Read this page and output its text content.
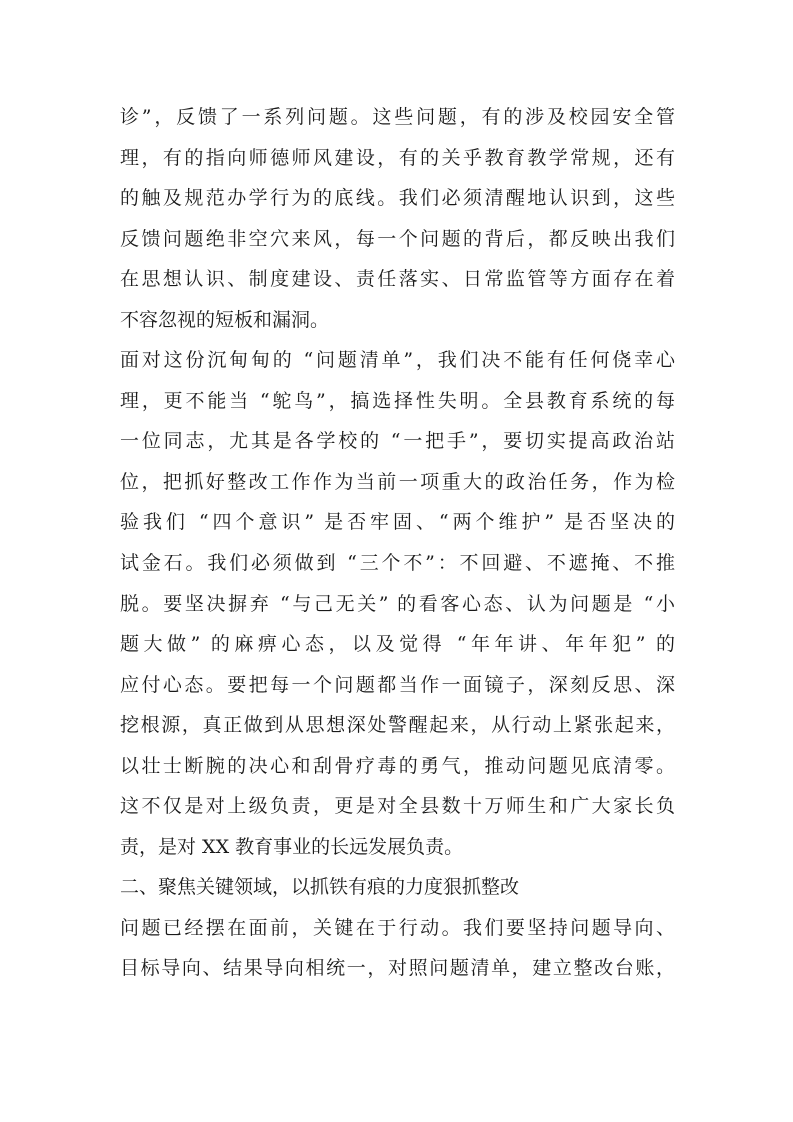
诊”，反馈了一系列问题。这些问题，有的涉及校园安全管
理，有的指向师德师风建设，有的关乎教育教学常规，还有
的触及规范办学行为的底线。我们必须清醒地认识到，这些
反馈问题绝非空穴来风，每一个问题的背后，都反映出我们
在思想认识、制度建设、责任落实、日常监管等方面存在着
不容忽视的短板和漏洞。
面对这份沉甸甸的 “问题清单”，我们决不能有任何侥幸心
理，更不能当 “鸵鸟”，搞选择性失明。全县教育系统的每
一位同志，尤其是各学校的 “一把手”，要切实提高政治站
位，把抓好整改工作作为当前一项重大的政治任务，作为检
验我们 “四个意识” 是否牢固、“两个维护” 是否坚决的
试金石。我们必须做到 “三个不”：不回避、不遮掩、不推
脱。要坚决摒弃 “与己无关” 的看客心态、认为问题是 “小
题大做” 的麻痹心态，以及觉得 “年年讲、年年犯” 的
应付心态。要把每一个问题都当作一面镜子，深刻反思、深
挖根源，真正做到从思想深处警醒起来，从行动上紧张起来，
以壮士断腕的决心和刮骨疗毒的勇气，推动问题见底清零。
这不仅是对上级负责，更是对全县数十万师生和广大家长负
责，是对 XX 教育事业的长远发展负责。
二、聚焦关键领域，以抓铁有痕的力度狠抓整改
问题已经摆在面前，关键在于行动。我们要坚持问题导向、
目标导向、结果导向相统一，对照问题清单，建立整改台账，
